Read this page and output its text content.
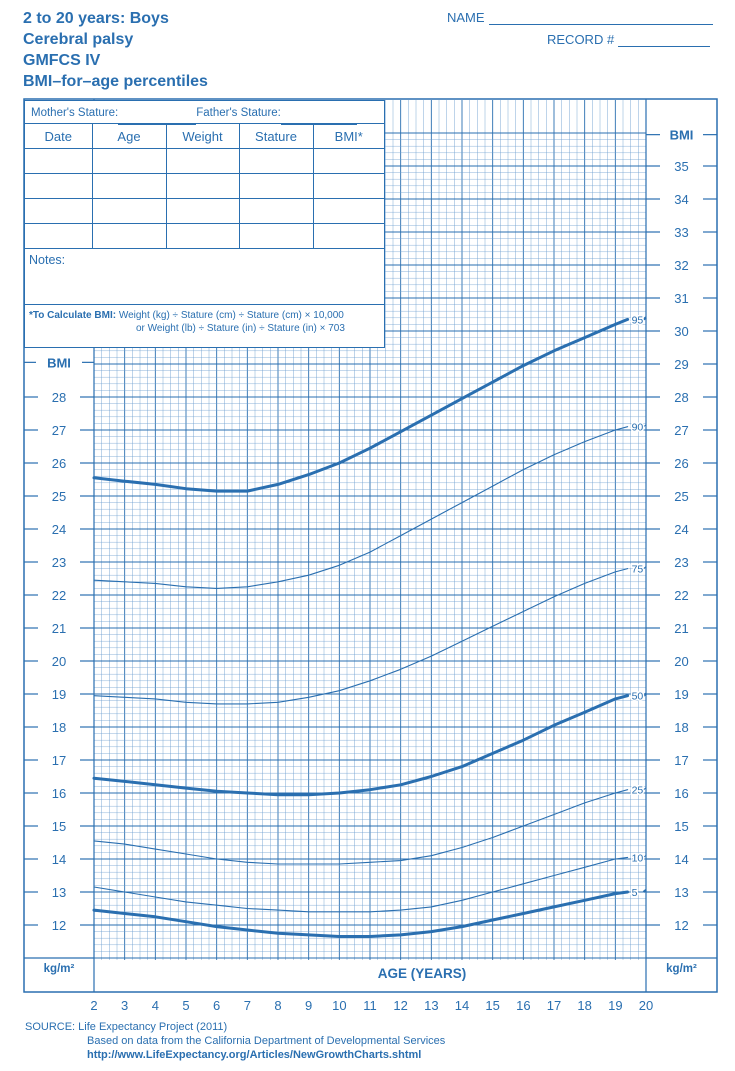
12
13
14
15
16
17
18
19
20
21
22
23
24
25
26
27
28
29
30
31
32
33
34
35
12
13
14
15
16
17
18
19
20
21
22
23
24
25
26
27
28
BMI
BMI
kg/m²	kg/m²
AGE (YEARS)
2 3 4 5 6 7 8 9 10 11 12 13 14 15 16 17 18 19 20
95
90
75
50
25
10
5
2 to 20 years: Boys
Cerebral palsy
GMFCS IV
BMI–for–age percentiles
NAME
RECORD #
Mother's Stature:	Father's Stature:
Date	Age	Weight	Stature	BMI*

Notes:
*To Calculate BMI: Weight (kg) ÷ Stature (cm) ÷ Stature (cm) × 10,000
or Weight (lb) ÷ Stature (in) ÷ Stature (in) × 703
SOURCE: Life Expectancy Project (2011)
Based on data from the California Department of Developmental Services
http://www.LifeExpectancy.org/Articles/NewGrowthCharts.shtml
